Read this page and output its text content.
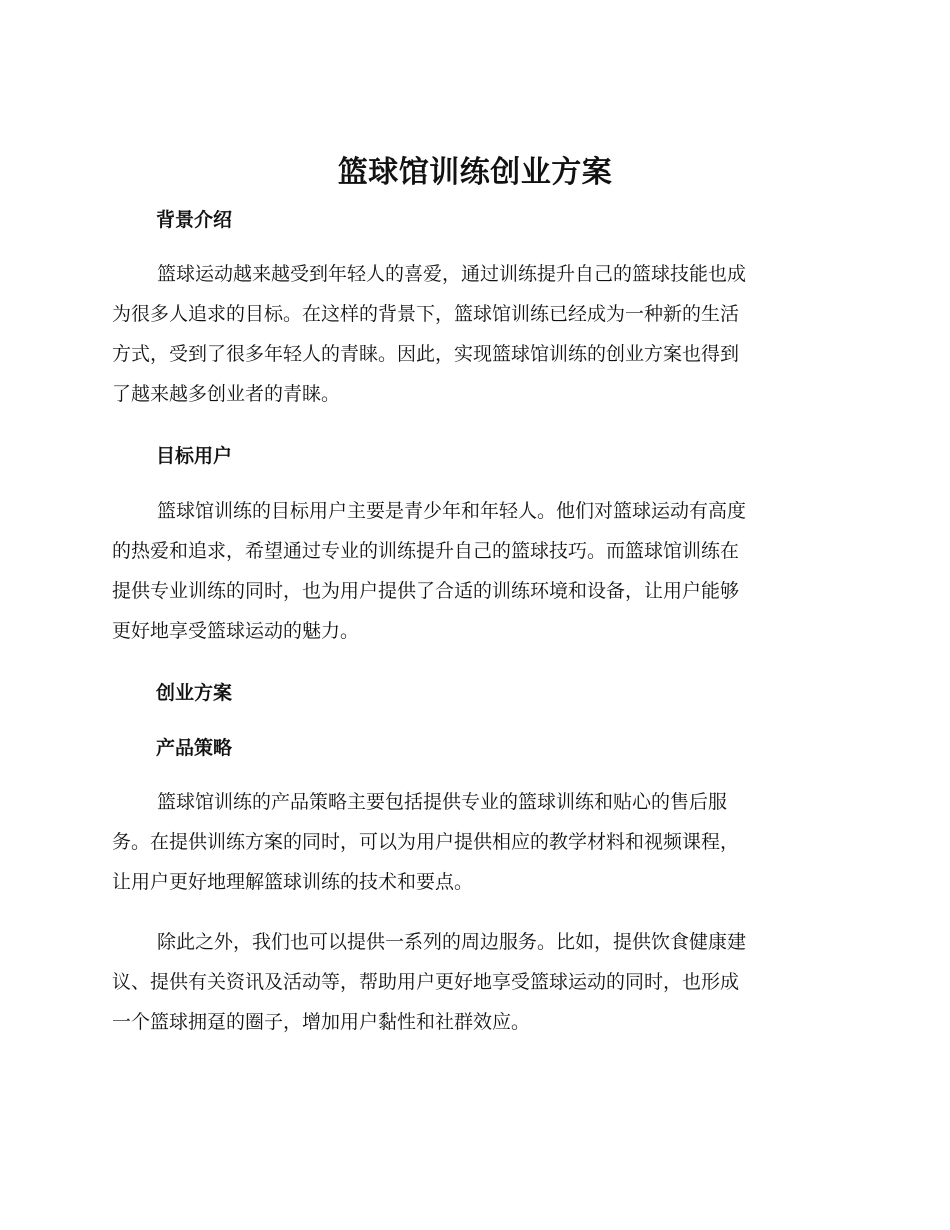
篮球馆训练创业方案
背景介绍
篮球运动越来越受到年轻人的喜爱，通过训练提升自己的篮球技能也成
为很多人追求的目标。在这样的背景下，篮球馆训练已经成为一种新的生活
方式，受到了很多年轻人的青睐。因此，实现篮球馆训练的创业方案也得到
了越来越多创业者的青睐。
目标用户
篮球馆训练的目标用户主要是青少年和年轻人。他们对篮球运动有高度
的热爱和追求，希望通过专业的训练提升自己的篮球技巧。而篮球馆训练在
提供专业训练的同时，也为用户提供了合适的训练环境和设备，让用户能够
更好地享受篮球运动的魅力。
创业方案
产品策略
篮球馆训练的产品策略主要包括提供专业的篮球训练和贴心的售后服
务。在提供训练方案的同时，可以为用户提供相应的教学材料和视频课程，
让用户更好地理解篮球训练的技术和要点。
除此之外，我们也可以提供一系列的周边服务。比如，提供饮食健康建
议、提供有关资讯及活动等，帮助用户更好地享受篮球运动的同时，也形成
一个篮球拥趸的圈子，增加用户黏性和社群效应。
